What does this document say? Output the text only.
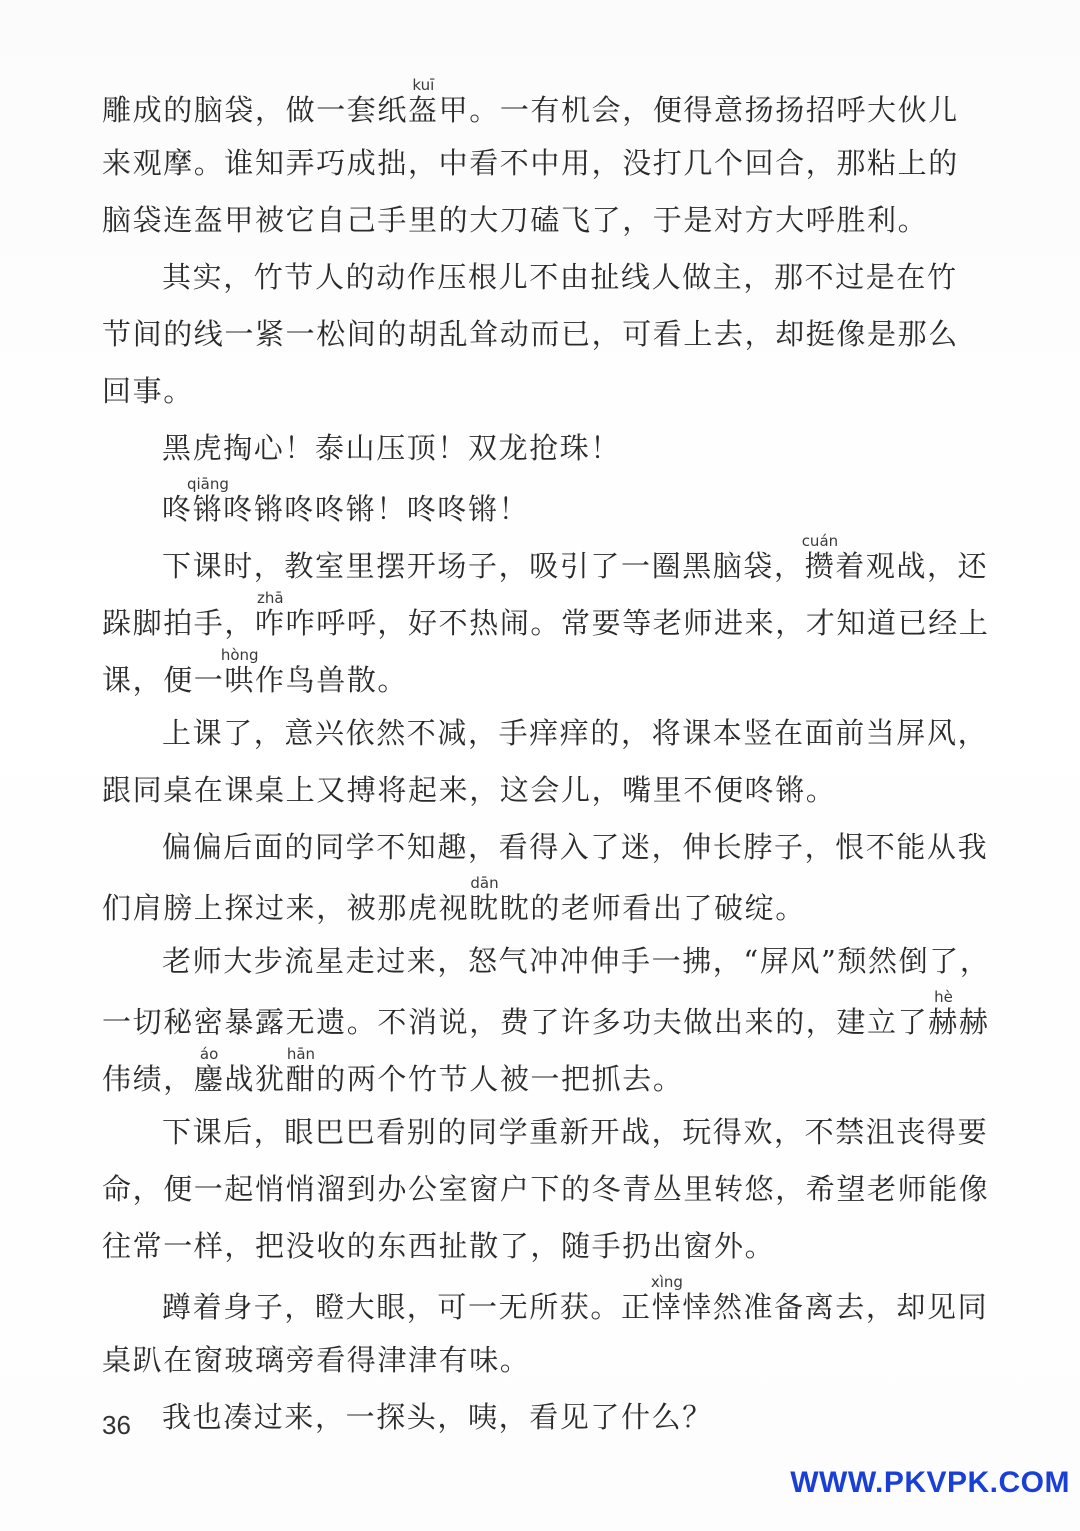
雕成的脑袋，做一套纸盔kuī甲。一有机会，便得意扬扬招呼大伙儿
来观摩。谁知弄巧成拙，中看不中用，没打几个回合，那粘上的
脑袋连盔甲被它自己手里的大刀磕飞了，于是对方大呼胜利。
其实，竹节人的动作压根儿不由扯线人做主，那不过是在竹
节间的线一紧一松间的胡乱耸动而已，可看上去，却挺像是那么
回事。
黑虎掏心！泰山压顶！双龙抢珠！
咚锵qiāng咚锵咚咚锵！咚咚锵！
下课时，教室里摆开场子，吸引了一圈黑脑袋，攒cuán着观战，还
跺脚拍手，咋zhā咋呼呼，好不热闹。常要等老师进来，才知道已经上
课，便一哄hòng作鸟兽散。
上课了，意兴依然不减，手痒痒的，将课本竖在面前当屏风，
跟同桌在课桌上又搏将起来，这会儿，嘴里不便咚锵。
偏偏后面的同学不知趣，看得入了迷，伸长脖子，恨不能从我
们肩膀上探过来，被那虎视眈dān眈的老师看出了破绽。
老师大步流星走过来，怒气冲冲伸手一拂，“屏风”颓然倒了，
一切秘密暴露无遗。不消说，费了许多功夫做出来的，建立了赫hè赫
伟绩，鏖áo战犹酣hān的两个竹节人被一把抓去。
下课后，眼巴巴看别的同学重新开战，玩得欢，不禁沮丧得要
命，便一起悄悄溜到办公室窗户下的冬青丛里转悠，希望老师能像
往常一样，把没收的东西扯散了，随手扔出窗外。
蹲着身子，瞪大眼，可一无所获。正悻xìng悻然准备离去，却见同
桌趴在窗玻璃旁看得津津有味。
我也凑过来，一探头，咦，看见了什么？
36
WWW.PKVPK.COM
